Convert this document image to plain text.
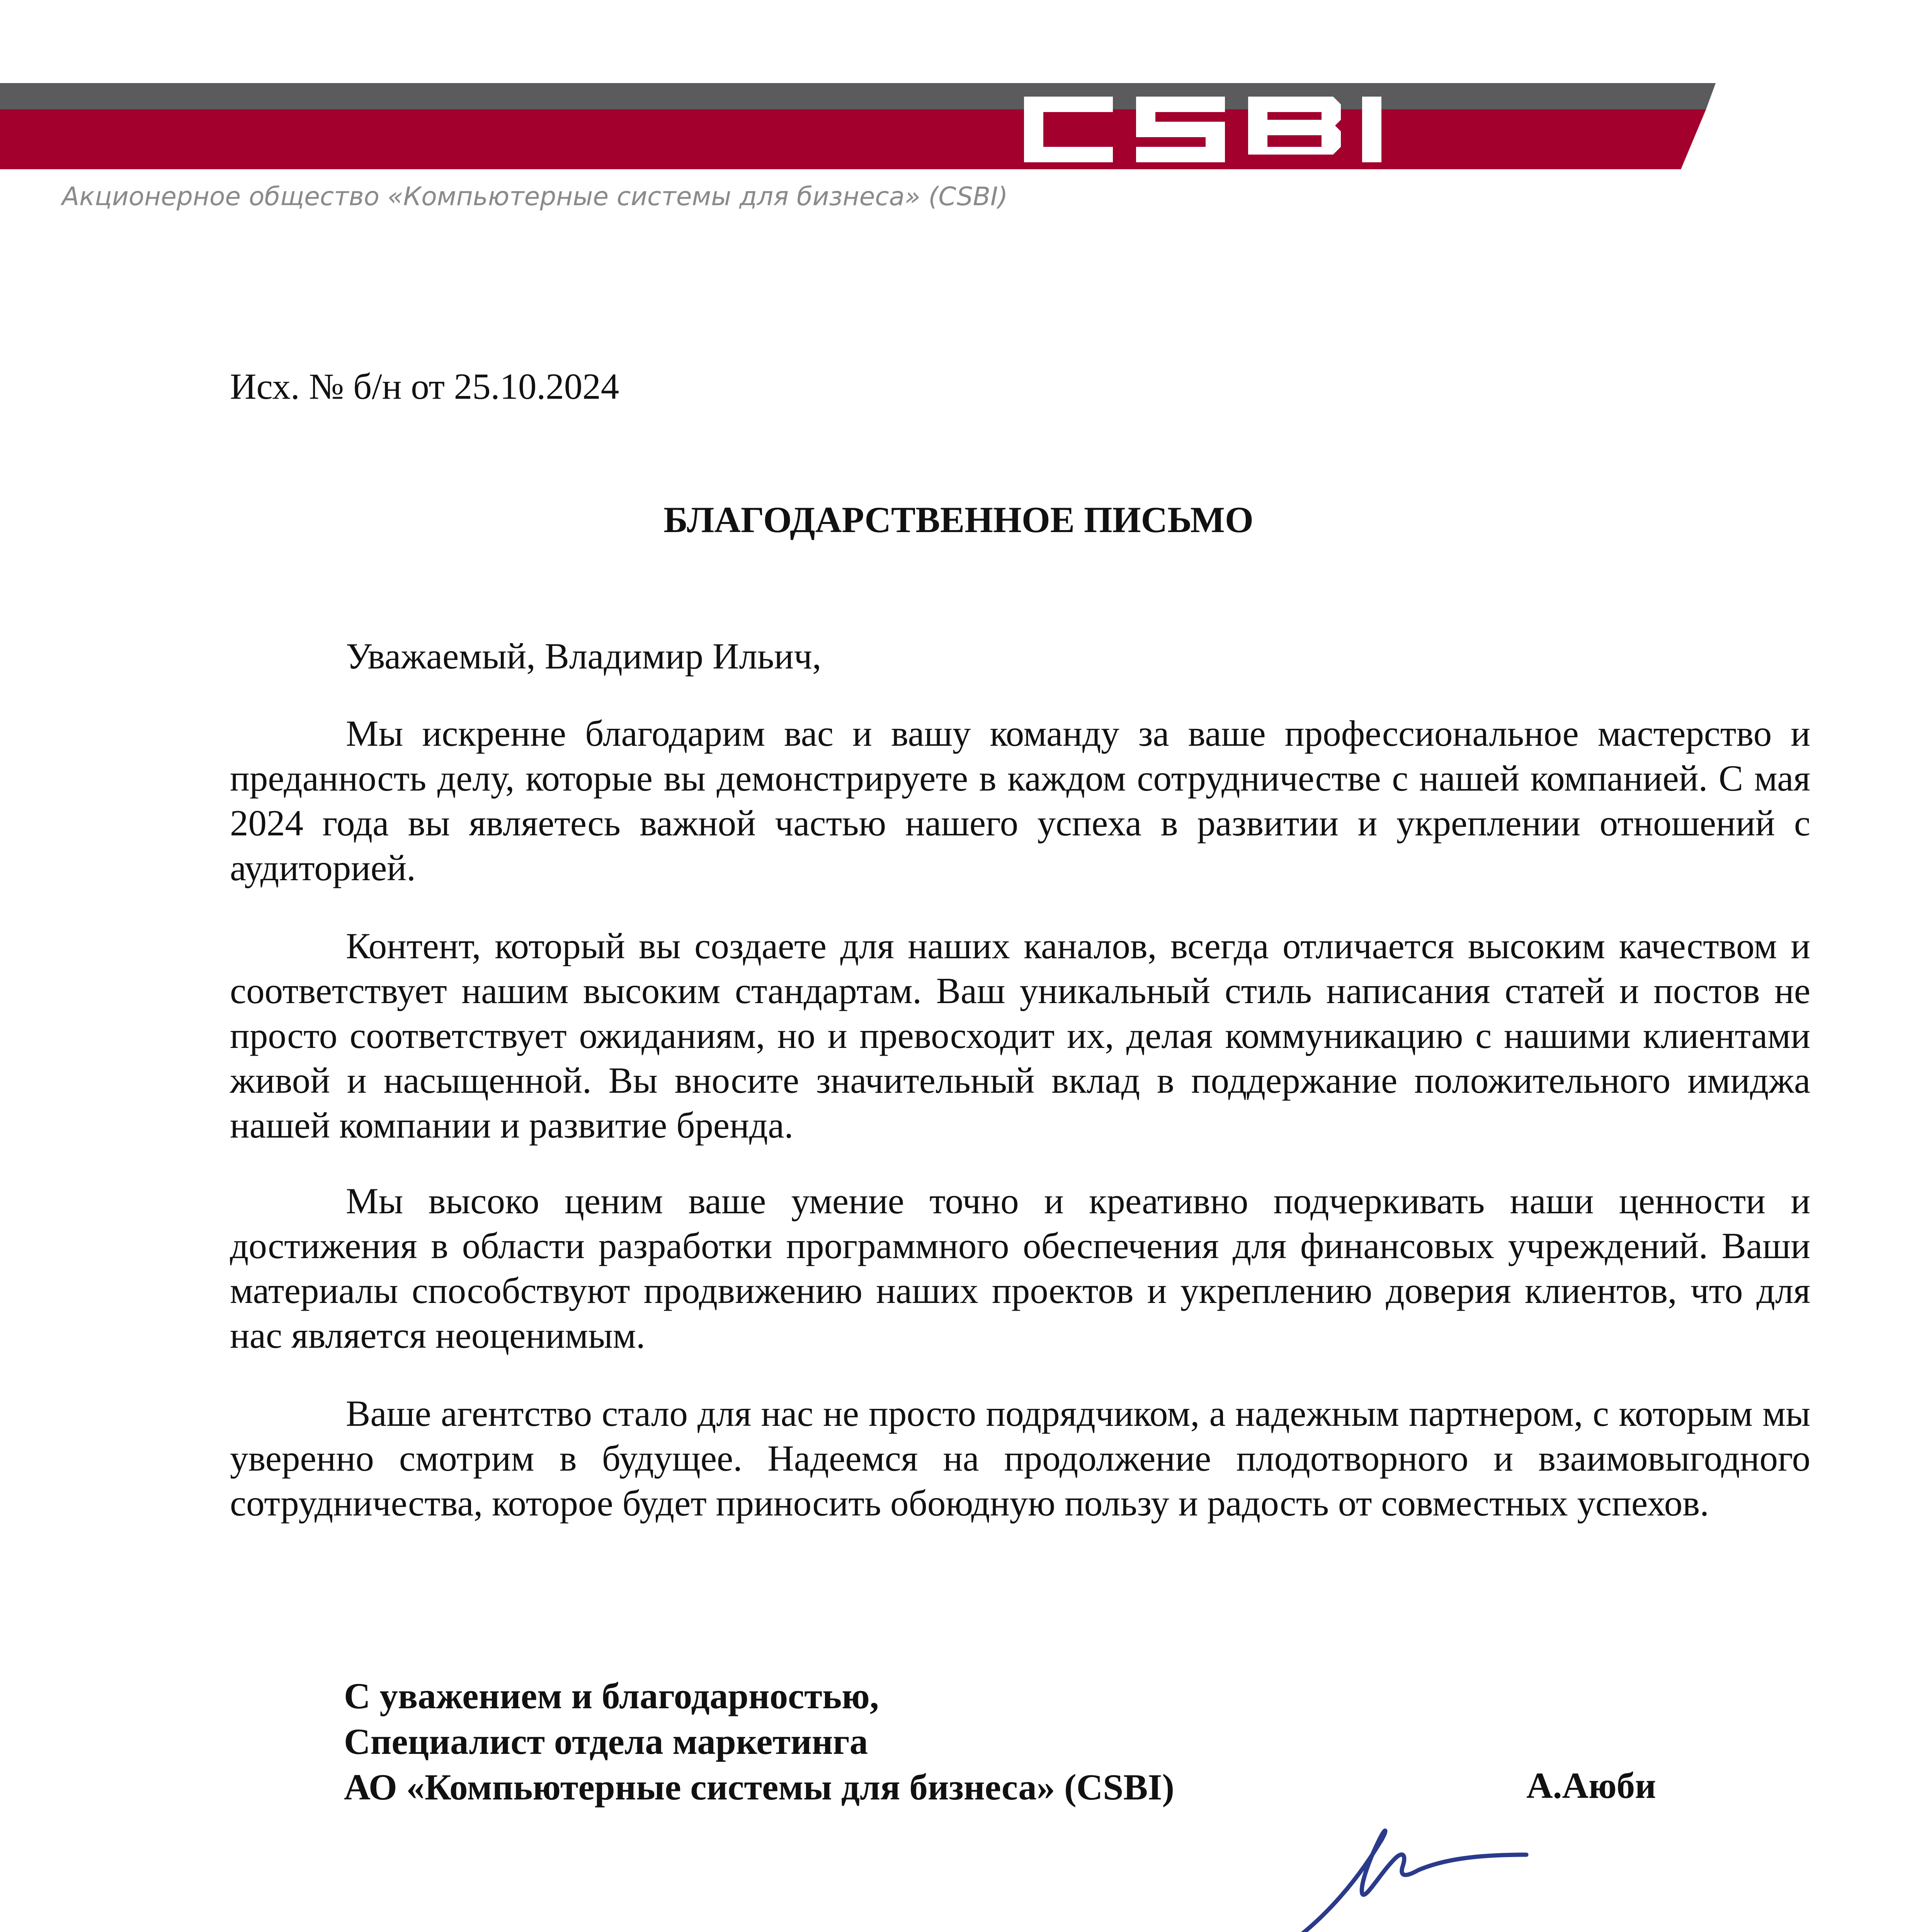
Акционерное общество «Компьютерные системы для бизнеса» (CSBI)
Исх. № б/н от 25.10.2024
БЛАГОДАРСТВЕННОЕ ПИСЬМО
Уважаемый, Владимир Ильич,

Мы искренне благодарим вас и вашу команду за ваше профессиональное мастерство и преданность делу, которые вы демонстрируете в каждом сотрудничестве с нашей компанией. С мая 2024 года вы являетесь важной частью нашего успеха в развитии и укреплении отношений с аудиторией.

Контент, который вы создаете для наших каналов, всегда отличается высоким качеством и соответствует нашим высоким стандартам. Ваш уникальный стиль написания статей и постов не просто соответствует ожиданиям, но и превосходит их, делая коммуникацию с нашими клиентами живой и насыщенной. Вы вносите значительный вклад в поддержание положительного имиджа нашей компании и развитие бренда.

Мы высоко ценим ваше умение точно и креативно подчеркивать наши ценности и достижения в области разработки программного обеспечения для финансовых учреждений. Ваши материалы способствуют продвижению наших проектов и укреплению доверия клиентов, что для нас является неоценимым.

Ваше агентство стало для нас не просто подрядчиком, а надежным партнером, с которым мы уверенно смотрим в будущее. Надеемся на продолжение плодотворного и взаимовыгодного сотрудничества, которое будет приносить обоюдную пользу и радость от совместных успехов.

С уважением и благодарностью,
Специалист отдела маркетинга
АО «Компьютерные системы для бизнеса» (CSBI)	А.Аюби
